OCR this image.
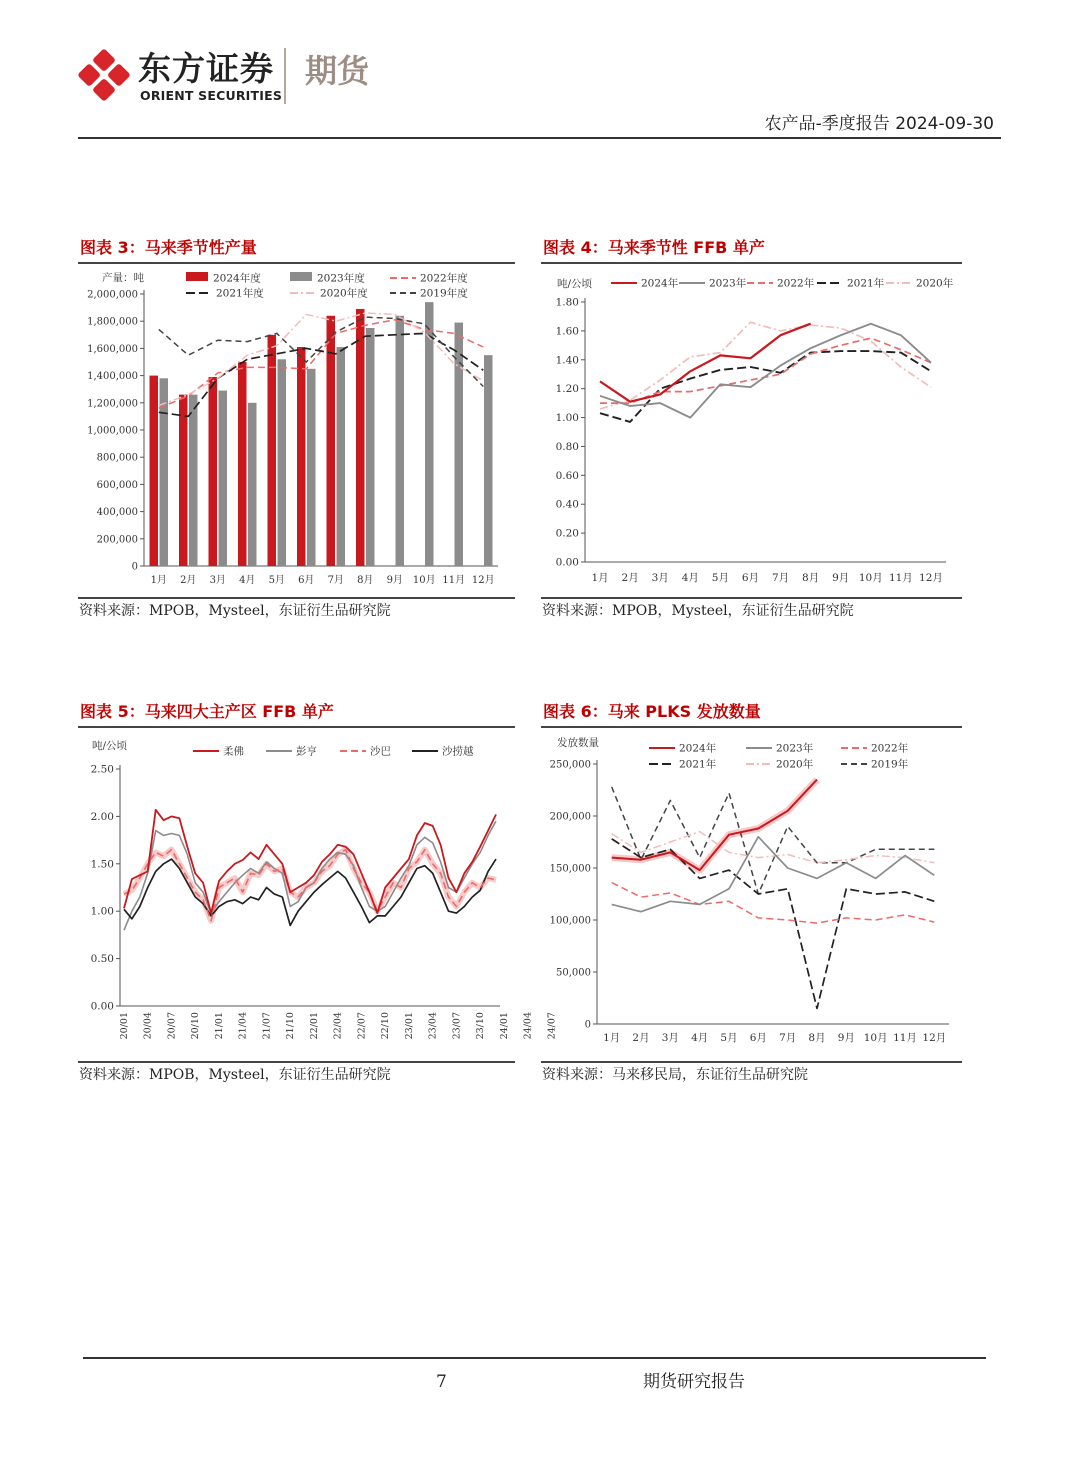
东方证券
ORIENT SECURITIES
期货
农产品-季度报告 2024-09-30
图表 3：马来季节性产量
产量：吨
0
200,000
400,000
600,000
800,000
1,000,000
1,200,000
1,400,000
1,600,000
1,800,000
2,000,000
1月 2月 3月 4月 5月 6月 7月 8月 9月 10月 11月 12月
2024年度	2023年度	2022年度
2021年度	2020年度	2019年度
资料来源：MPOB，Mysteel，东证衍生品研究院
图表 4：马来季节性 FFB 单产
吨/公顷
0.00
0.20
0.40
0.60
0.80
1.00
1.20
1.40
1.60
1.80
1月 2月 3月 4月 5月 6月 7月 8月 9月 10月 11月 12月
2024年	2023年	2022年	2021年	2020年
资料来源：MPOB，Mysteel，东证衍生品研究院
图表 5：马来四大主产区 FFB 单产
吨/公顷
0.00
0.50
1.00
1.50
2.00
2.50
20/01 20/04 20/07 20/10 21/01 21/04 21/07 21/10 22/01 22/04 22/07 22/10 23/01 23/04 23/07 23/10 24/01 24/04 24/07
柔佛	彭亨	沙巴	沙捞越
资料来源：MPOB，Mysteel，东证衍生品研究院
图表 6：马来 PLKS 发放数量
发放数量
0
50,000
100,000
150,000
200,000
250,000
1月 2月 3月 4月 5月 6月 7月 8月 9月 10月 11月 12月
2024年	2023年	2022年
2021年	2020年	2019年
资料来源：马来移民局，东证衍生品研究院
7	期货研究报告
